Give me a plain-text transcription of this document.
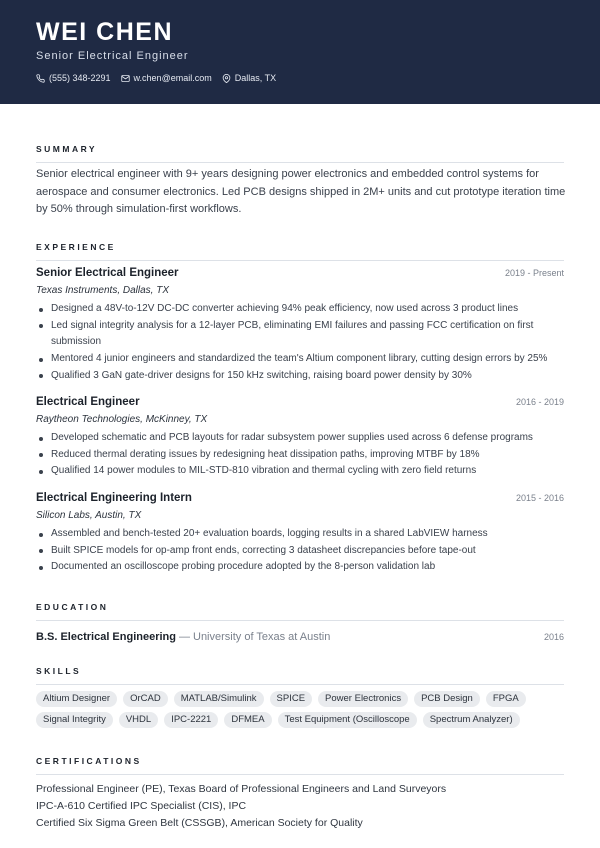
WEI CHEN
Senior Electrical Engineer
(555) 348-2291	w.chen@email.com	Dallas, TX
SUMMARY
Senior electrical engineer with 9+ years designing power electronics and embedded control systems for aerospace and consumer electronics. Led PCB designs shipped in 2M+ units and cut prototype iteration time by 50% through simulation-first workflows.
EXPERIENCE
Senior Electrical Engineer	2019 - Present
Texas Instruments, Dallas, TX
Designed a 48V-to-12V DC-DC converter achieving 94% peak efficiency, now used across 3 product lines
Led signal integrity analysis for a 12-layer PCB, eliminating EMI failures and passing FCC certification on first submission
Mentored 4 junior engineers and standardized the team's Altium component library, cutting design errors by 25%
Qualified 3 GaN gate-driver designs for 150 kHz switching, raising board power density by 30%
Electrical Engineer	2016 - 2019
Raytheon Technologies, McKinney, TX
Developed schematic and PCB layouts for radar subsystem power supplies used across 6 defense programs
Reduced thermal derating issues by redesigning heat dissipation paths, improving MTBF by 18%
Qualified 14 power modules to MIL-STD-810 vibration and thermal cycling with zero field returns
Electrical Engineering Intern	2015 - 2016
Silicon Labs, Austin, TX
Assembled and bench-tested 20+ evaluation boards, logging results in a shared LabVIEW harness
Built SPICE models for op-amp front ends, correcting 3 datasheet discrepancies before tape-out
Documented an oscilloscope probing procedure adopted by the 8-person validation lab
EDUCATION
B.S. Electrical Engineering — University of Texas at Austin	2016
SKILLS
Altium Designer	OrCAD	MATLAB/Simulink	SPICE	Power Electronics	PCB Design	FPGA
Signal Integrity	VHDL	IPC-2221	DFMEA	Test Equipment (Oscilloscope	Spectrum Analyzer)
CERTIFICATIONS
Professional Engineer (PE), Texas Board of Professional Engineers and Land Surveyors
IPC-A-610 Certified IPC Specialist (CIS), IPC
Certified Six Sigma Green Belt (CSSGB), American Society for Quality
